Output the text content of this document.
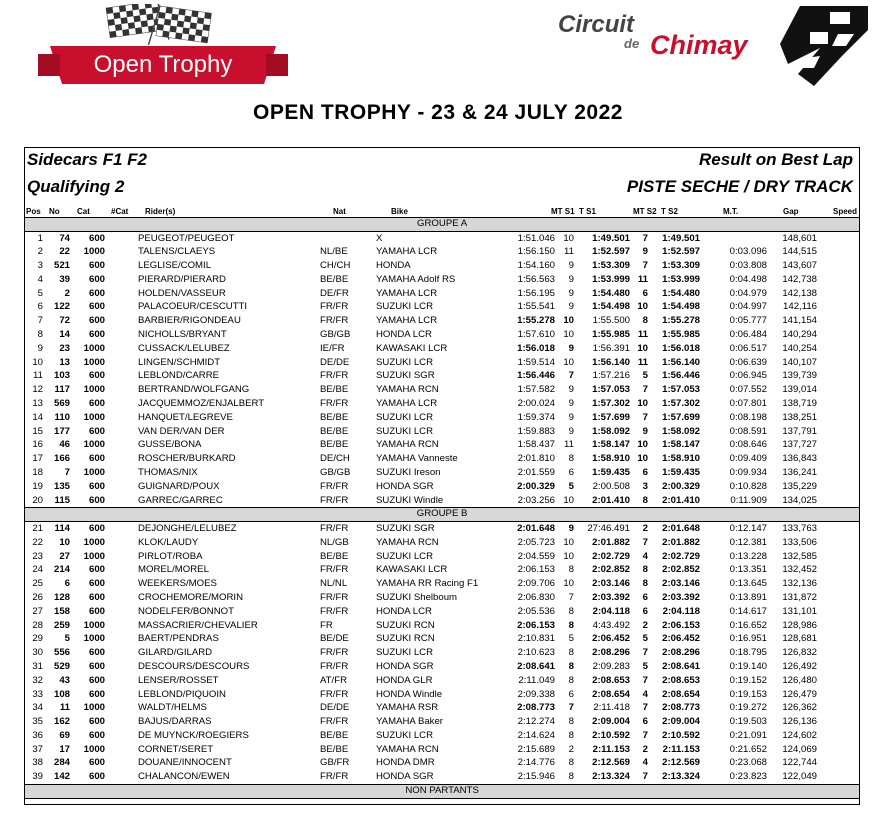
Open Trophy
Circuit
de Chimay
OPEN TROPHY - 23 & 24 JULY 2022
Sidecars F1 F2
Qualifying 2
Result on Best Lap
PISTE SECHE / DRY TRACK
Pos No Cat	#Cat Rider(s)	Nat	Bike	MT S1 T S1	MT S2 T S2	M.T.	Gap	Speed
GROUPE A														
1	74	600		PEUGEOT/PEUGEOT		X	1:51.046	10	1:49.501	7	1:49.501		148,601	
2	22	1000		TALENS/CLAEYS	NL/BE	YAMAHA LCR	1:56.150	11	1:52.597	9	1:52.597	0:03.096	144,515	
3	521	600		LEGLISE/COMIL	CH/CH	HONDA	1:54.160	9	1:53.309	7	1:53.309	0:03.808	143,607	
4	39	600		PIERARD/PIERARD	BE/BE	YAMAHA Adolf RS	1:56.563	9	1:53.999	11	1:53.999	0:04.498	142,738	
5	2	600		HOLDEN/VASSEUR	DE/FR	YAMAHA LCR	1:56.195	9	1:54.480	6	1:54.480	0:04.979	142,138	
6	122	600		PALACOEUR/CESCUTTI	FR/FR	SUZUKI LCR	1:55.541	9	1:54.498	10	1:54.498	0:04.997	142,116	
7	72	600		BARBIER/RIGONDEAU	FR/FR	YAMAHA LCR	1:55.278	10	1:55.500	8	1:55.278	0:05.777	141,154	
8	14	600		NICHOLLS/BRYANT	GB/GB	HONDA LCR	1:57.610	10	1:55.985	11	1:55.985	0:06.484	140,294	
9	23	1000		CUSSACK/LELUBEZ	IE/FR	KAWASAKI LCR	1:56.018	9	1:56.391	10	1:56.018	0:06.517	140,254	
10	13	1000		LINGEN/SCHMIDT	DE/DE	SUZUKI LCR	1:59.514	10	1:56.140	11	1:56.140	0:06.639	140,107	
11	103	600		LEBLOND/CARRE	FR/FR	SUZUKI SGR	1:56.446	7	1:57.216	5	1:56.446	0:06.945	139,739	
12	117	1000		BERTRAND/WOLFGANG	BE/BE	YAMAHA RCN	1:57.582	9	1:57.053	7	1:57.053	0:07.552	139,014	
13	569	600		JACQUEMMOZ/ENJALBERT	FR/FR	YAMAHA LCR	2:00.024	9	1:57.302	10	1:57.302	0:07.801	138,719	
14	110	1000		HANQUET/LEGREVE	BE/BE	SUZUKI LCR	1:59.374	9	1:57.699	7	1:57.699	0:08.198	138,251	
15	177	600		VAN DER/VAN DER	BE/BE	SUZUKI LCR	1:59.883	9	1:58.092	9	1:58.092	0:08.591	137,791	
16	46	1000		GUSSE/BONA	BE/BE	YAMAHA RCN	1:58.437	11	1:58.147	10	1:58.147	0:08.646	137,727	
17	166	600		ROSCHER/BURKARD	DE/CH	YAMAHA Vanneste	2:01.810	8	1:58.910	10	1:58.910	0:09.409	136,843	
18	7	1000		THOMAS/NIX	GB/GB	SUZUKI Ireson	2:01.559	6	1:59.435	6	1:59.435	0:09.934	136,241	
19	135	600		GUIGNARD/POUX	FR/FR	HONDA SGR	2:00.329	5	2:00.508	3	2:00.329	0:10.828	135,229	
20	115	600		GARREC/GARREC	FR/FR	SUZUKI Windle	2:03.256	10	2:01.410	8	2:01.410	0:11.909	134,025	
GROUPE B														
21	114	600		DEJONGHE/LELUBEZ	FR/FR	SUZUKI SGR	2:01.648	9	27:46.491	2	2:01.648	0:12.147	133,763	
22	10	1000		KLOK/LAUDY	NL/GB	YAMAHA RCN	2:05.723	10	2:01.882	7	2:01.882	0:12.381	133,506	
23	27	1000		PIRLOT/ROBA	BE/BE	SUZUKI LCR	2:04.559	10	2:02.729	4	2:02.729	0:13.228	132,585	
24	214	600		MOREL/MOREL	FR/FR	KAWASAKI LCR	2:06.153	8	2:02.852	8	2:02.852	0:13.351	132,452	
25	6	600		WEEKERS/MOES	NL/NL	YAMAHA RR Racing F1	2:09.706	10	2:03.146	8	2:03.146	0:13.645	132,136	
26	128	600		CROCHEMORE/MORIN	FR/FR	SUZUKI Shelboum	2:06.830	7	2:03.392	6	2:03.392	0:13.891	131,872	
27	158	600		NODELFER/BONNOT	FR/FR	HONDA LCR	2:05.536	8	2:04.118	6	2:04.118	0:14.617	131,101	
28	259	1000		MASSACRIER/CHEVALIER	FR	SUZUKI RCN	2:06.153	8	4:43.492	2	2:06.153	0:16.652	128,986	
29	5	1000		BAERT/PENDRAS	BE/DE	SUZUKI RCN	2:10.831	5	2:06.452	5	2:06.452	0:16.951	128,681	
30	556	600		GILARD/GILARD	FR/FR	SUZUKI LCR	2:10.623	8	2:08.296	7	2:08.296	0:18.795	126,832	
31	529	600		DESCOURS/DESCOURS	FR/FR	HONDA SGR	2:08.641	8	2:09.283	5	2:08.641	0:19.140	126,492	
32	43	600		LENSER/ROSSET	AT/FR	HONDA GLR	2:11.049	8	2:08.653	7	2:08.653	0:19.152	126,480	
33	108	600		LEBLOND/PIQUOIN	FR/FR	HONDA Windle	2:09.338	6	2:08.654	4	2:08.654	0:19.153	126,479	
34	11	1000		WALDT/HELMS	DE/DE	YAMAHA RSR	2:08.773	7	2:11.418	7	2:08.773	0:19.272	126,362	
35	162	600		BAJUS/DARRAS	FR/FR	YAMAHA Baker	2:12.274	8	2:09.004	6	2:09.004	0:19.503	126,136	
36	69	600		DE MUYNCK/ROEGIERS	BE/BE	SUZUKI LCR	2:14.624	8	2:10.592	7	2:10.592	0:21.091	124,602	
37	17	1000		CORNET/SERET	BE/BE	YAMAHA RCN	2:15.689	2	2:11.153	2	2:11.153	0:21.652	124,069	
38	284	600		DOUANE/INNOCENT	GB/FR	HONDA DMR	2:14.776	8	2:12.569	4	2:12.569	0:23.068	122,744	
39	142	600		CHALANCON/EWEN	FR/FR	HONDA SGR	2:15.946	8	2:13.324	7	2:13.324	0:23.823	122,049	
NON PARTANTS														
